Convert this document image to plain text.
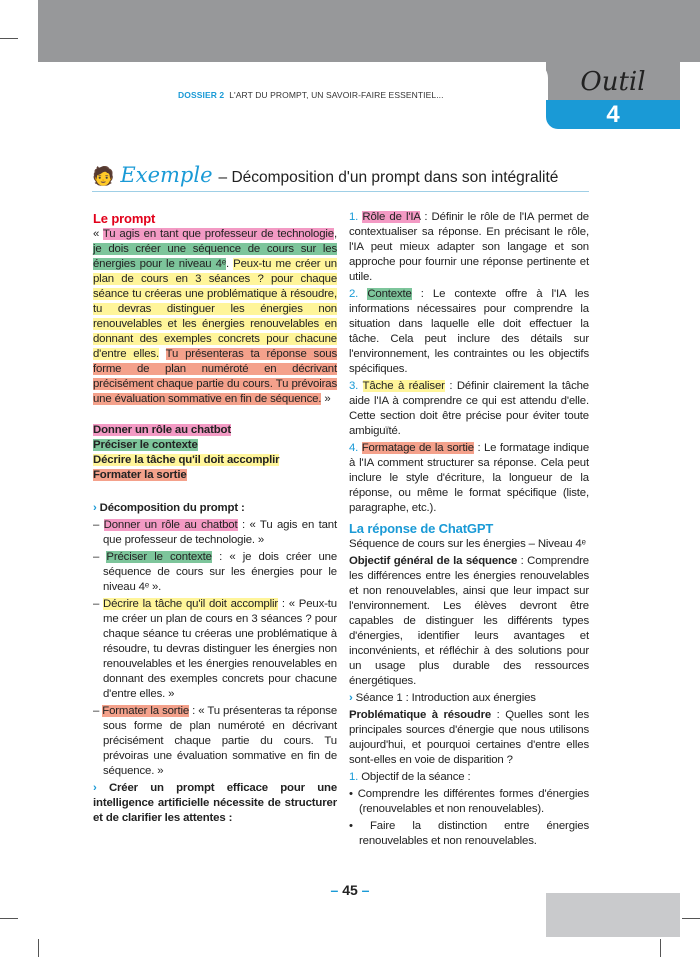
Outil
4
DOSSIER 2 L'ART DU PROMPT, UN SAVOIR-FAIRE ESSENTIEL...
🧑 Exemple – Décomposition d'un prompt dans son intégralité
Le prompt

« Tu agis en tant que professeur de technologie, je dois créer une séquence de cours sur les énergies pour le niveau 4ᵉ. Peux-tu me créer un plan de cours en 3 séances ? pour chaque séance tu créeras une problématique à résoudre, tu devras distinguer les énergies non renouvelables et les énergies renouvelables en donnant des exemples concrets pour chacune d'entre elles. Tu présenteras ta réponse sous forme de plan numéroté en décrivant précisément chaque partie du cours. Tu prévoiras une évaluation sommative en fin de séquence. »

Donner un rôle au chatbot
Préciser le contexte
Décrire la tâche qu'il doit accomplir
Formater la sortie

› Décomposition du prompt :

– Donner un rôle au chatbot : « Tu agis en tant que professeur de technologie. »

– Préciser le contexte : « je dois créer une séquence de cours sur les énergies pour le niveau 4ᵉ ».

– Décrire la tâche qu'il doit accomplir : « Peux-tu me créer un plan de cours en 3 séances ? pour chaque séance tu créeras une problématique à résoudre, tu devras distinguer les énergies non renouvelables et les énergies renouvelables en donnant des exemples concrets pour chacune d'entre elles. »

– Formater la sortie : « Tu présenteras ta réponse sous forme de plan numéroté en décrivant précisément chaque partie du cours. Tu prévoiras une évaluation sommative en fin de séquence. »

› Créer un prompt efficace pour une intelligence artificielle nécessite de structurer et de clarifier les attentes :

1. Rôle de l'IA : Définir le rôle de l'IA permet de contextualiser sa réponse. En précisant le rôle, l'IA peut mieux adapter son langage et son approche pour fournir une réponse pertinente et utile.

2. Contexte : Le contexte offre à l'IA les informations nécessaires pour comprendre la situation dans laquelle elle doit effectuer la tâche. Cela peut inclure des détails sur l'environnement, les contraintes ou les objectifs spécifiques.

3. Tâche à réaliser : Définir clairement la tâche aide l'IA à comprendre ce qui est attendu d'elle. Cette section doit être précise pour éviter toute ambiguïté.

4. Formatage de la sortie : Le formatage indique à l'IA comment structurer sa réponse. Cela peut inclure le style d'écriture, la longueur de la réponse, ou même le format spécifique (liste, paragraphe, etc.).

La réponse de ChatGPT

Séquence de cours sur les énergies – Niveau 4ᵉ

Objectif général de la séquence : Comprendre les différences entre les énergies renouvelables et non renouvelables, ainsi que leur impact sur l'environnement. Les élèves devront être capables de distinguer les différents types d'énergies, identifier leurs avantages et inconvénients, et réfléchir à des solutions pour un usage plus durable des ressources énergétiques.

› Séance 1 : Introduction aux énergies

Problématique à résoudre : Quelles sont les principales sources d'énergie que nous utilisons aujourd'hui, et pourquoi certaines d'entre elles sont-elles en voie de disparition ?

1. Objectif de la séance :

• Comprendre les différentes formes d'énergies (renouvelables et non renouvelables).

• Faire la distinction entre énergies renouvelables et non renouvelables.

– 45 –
